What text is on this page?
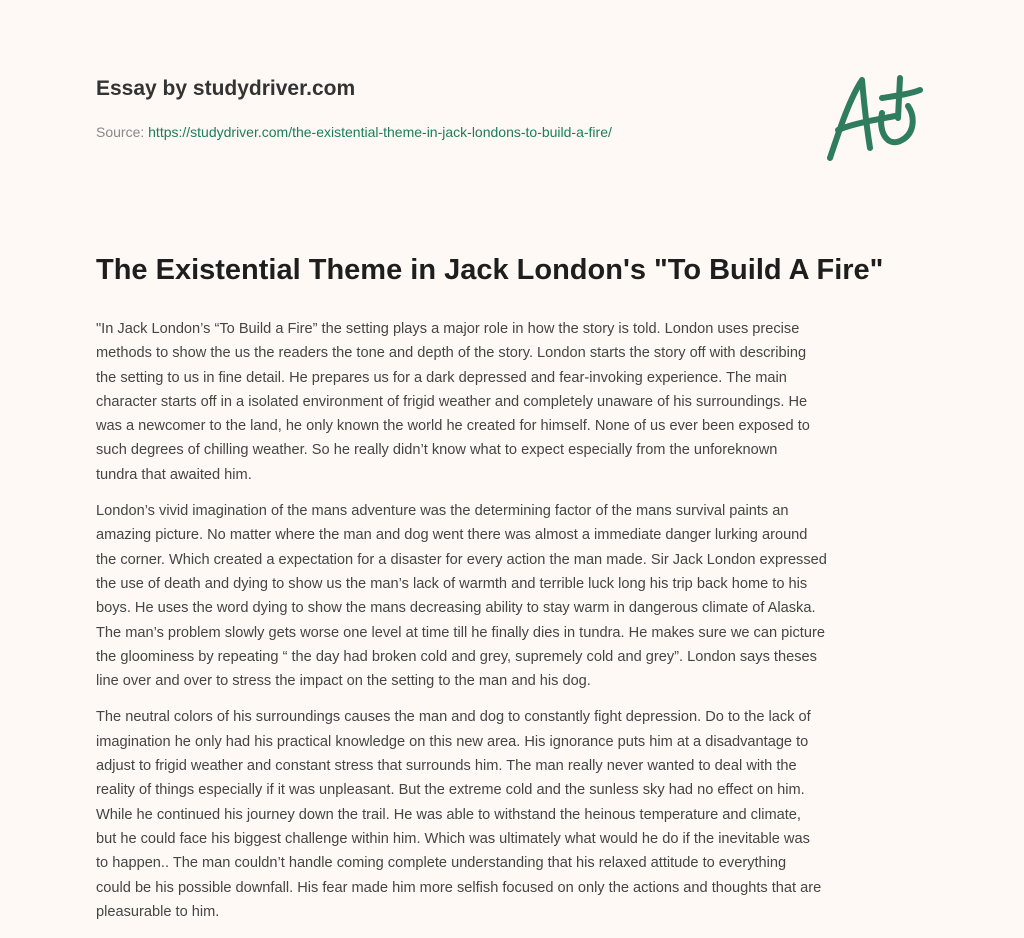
Essay by studydriver.com
Source: https://studydriver.com/the-existential-theme-in-jack-londons-to-build-a-fire/
The Existential Theme in Jack London's "To Build A Fire"

"In Jack London’s “To Build a Fire” the setting plays a major role in how the story is told. London uses precise
methods to show the us the readers the tone and depth of the story. London starts the story off with describing
the setting to us in fine detail. He prepares us for a dark depressed and fear-invoking experience. The main
character starts off in a isolated environment of frigid weather and completely unaware of his surroundings. He
was a newcomer to the land, he only known the world he created for himself. None of us ever been exposed to
such degrees of chilling weather. So he really didn’t know what to expect especially from the unforeknown
tundra that awaited him.

London’s vivid imagination of the mans adventure was the determining factor of the mans survival paints an
amazing picture. No matter where the man and dog went there was almost a immediate danger lurking around
the corner. Which created a expectation for a disaster for every action the man made. Sir Jack London expressed
the use of death and dying to show us the man’s lack of warmth and terrible luck long his trip back home to his
boys. He uses the word dying to show the mans decreasing ability to stay warm in dangerous climate of Alaska.
The man’s problem slowly gets worse one level at time till he finally dies in tundra. He makes sure we can picture
the gloominess by repeating “ the day had broken cold and grey, supremely cold and grey”. London says theses
line over and over to stress the impact on the setting to the man and his dog.

The neutral colors of his surroundings causes the man and dog to constantly fight depression. Do to the lack of
imagination he only had his practical knowledge on this new area. His ignorance puts him at a disadvantage to
adjust to frigid weather and constant stress that surrounds him. The man really never wanted to deal with the
reality of things especially if it was unpleasant. But the extreme cold and the sunless sky had no effect on him.
While he continued his journey down the trail. He was able to withstand the heinous temperature and climate,
but he could face his biggest challenge within him. Which was ultimately what would he do if the inevitable was
to happen.. The man couldn’t handle coming complete understanding that his relaxed attitude to everything
could be his possible downfall. His fear made him more selfish focused on only the actions and thoughts that are
pleasurable to him.
